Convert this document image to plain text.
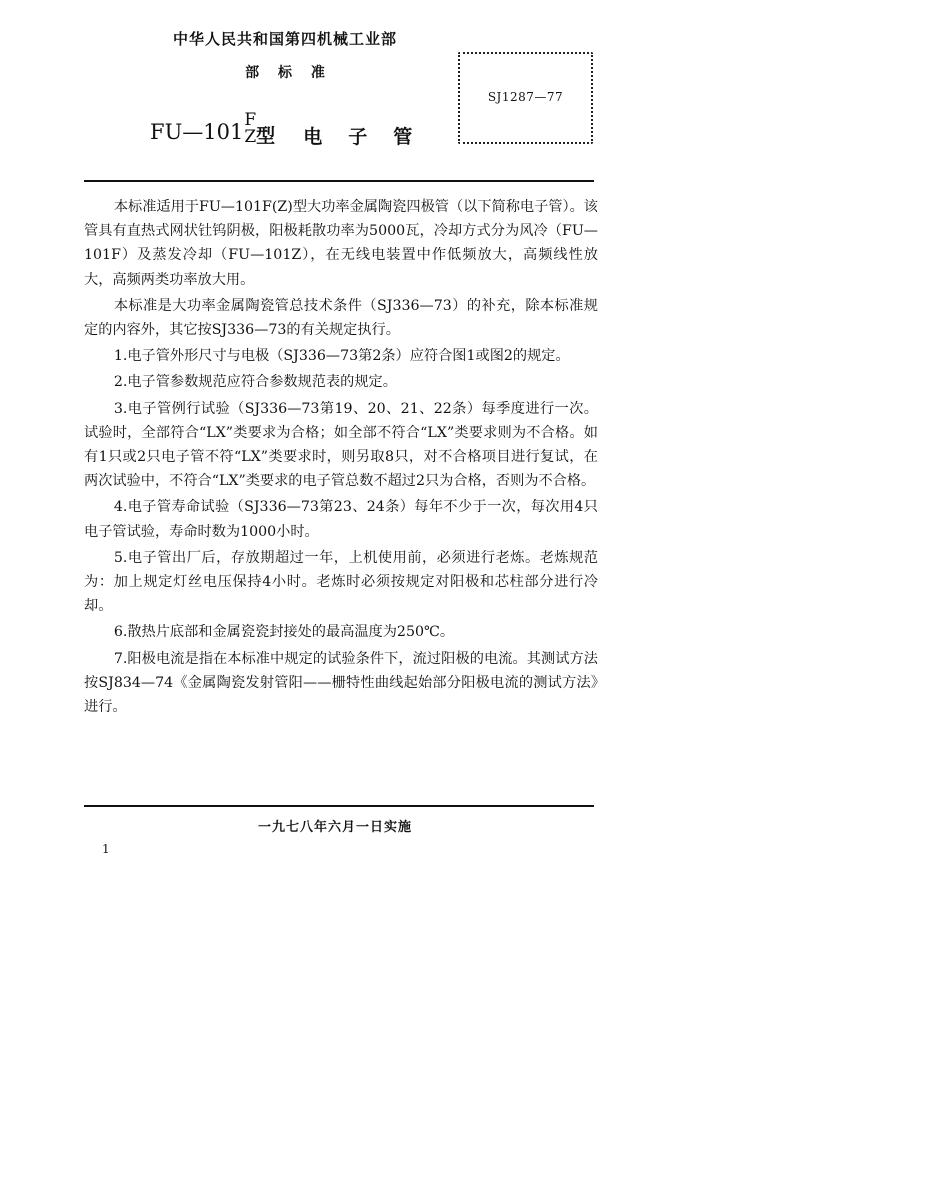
中华人民共和国第四机械工业部
部 标 准
SJ1287—77
FU—101 F
Z 型 电子管

本标准适用于FU—101F(Z)型大功率金属陶瓷四极管（以下简称电子管）。该管具有直热式网状钍钨阴极，阳极耗散功率为5000瓦，冷却方式分为风冷（FU—101F）及蒸发冷却（FU—101Z），在无线电装置中作低频放大，高频线性放大，高频两类功率放大用。

本标准是大功率金属陶瓷管总技术条件（SJ336—73）的补充，除本标准规定的内容外，其它按SJ336—73的有关规定执行。

1.电子管外形尺寸与电极（SJ336—73第2条）应符合图1或图2的规定。

2.电子管参数规范应符合参数规范表的规定。

3.电子管例行试验（SJ336—73第19、20、21、22条）每季度进行一次。试验时，全部符合“LX”类要求为合格；如全部不符合“LX”类要求则为不合格。如有1只或2只电子管不符“LX”类要求时，则另取8只，对不合格项目进行复试，在两次试验中，不符合“LX”类要求的电子管总数不超过2只为合格，否则为不合格。

4.电子管寿命试验（SJ336—73第23、24条）每年不少于一次，每次用4只电子管试验，寿命时数为1000小时。

5.电子管出厂后，存放期超过一年，上机使用前，必须进行老炼。老炼规范为：加上规定灯丝电压保持4小时。老炼时必须按规定对阳极和芯柱部分进行冷却。

6.散热片底部和金属瓷瓷封接处的最高温度为250℃。

7.阳极电流是指在本标准中规定的试验条件下，流过阳极的电流。其测试方法按SJ834—74《金属陶瓷发射管阳——栅特性曲线起始部分阳极电流的测试方法》进行。

一九七八年六月一日实施
1
